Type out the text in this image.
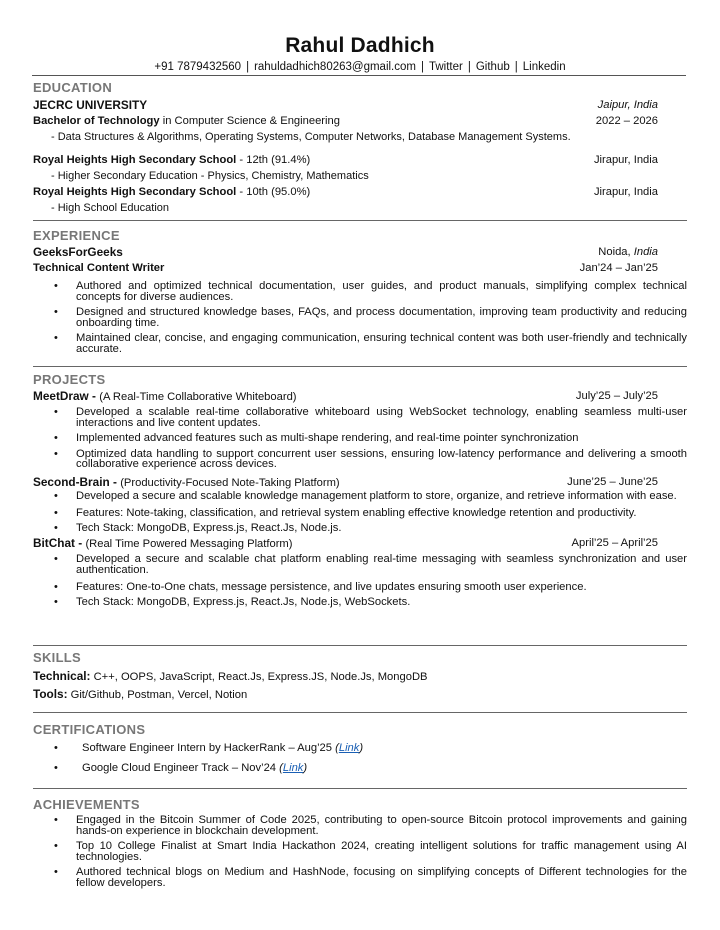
Rahul Dadhich
+91 7879432560 | rahuldadhich80263@gmail.com | Twitter | Github | Linkedin
EDUCATION
JECRC UNIVERSITY	Jaipur, India
Bachelor of Technology in Computer Science & Engineering	2022 – 2026
- Data Structures & Algorithms, Operating Systems, Computer Networks, Database Management Systems.
Royal Heights High Secondary School - 12th (91.4%)	Jirapur, India
- Higher Secondary Education - Physics, Chemistry, Mathematics
Royal Heights High Secondary School - 10th (95.0%)	Jirapur, India
- High School Education
EXPERIENCE
GeeksForGeeks	Noida, India
Technical Content Writer	Jan’24 – Jan’25
• Authored and optimized technical documentation, user guides, and product manuals, simplifying complex technical concepts for diverse audiences.
• Designed and structured knowledge bases, FAQs, and process documentation, improving team productivity and reducing onboarding time.
• Maintained clear, concise, and engaging communication, ensuring technical content was both user-friendly and technically accurate.
PROJECTS
MeetDraw - (A Real-Time Collaborative Whiteboard)	July’25 – July’25
• Developed a scalable real-time collaborative whiteboard using WebSocket technology, enabling seamless multi-user interactions and live content updates.
• Implemented advanced features such as multi-shape rendering, and real-time pointer synchronization
• Optimized data handling to support concurrent user sessions, ensuring low-latency performance and delivering a smooth collaborative experience across devices.
Second-Brain - (Productivity-Focused Note-Taking Platform)	June’25 – June’25
• Developed a secure and scalable knowledge management platform to store, organize, and retrieve information with ease.
• Features: Note-taking, classification, and retrieval system enabling effective knowledge retention and productivity.
• Tech Stack: MongoDB, Express.js, React.Js, Node.js.
BitChat - (Real Time Powered Messaging Platform)	April’25 – April’25
• Developed a secure and scalable chat platform enabling real-time messaging with seamless synchronization and user authentication.
• Features: One-to-One chats, message persistence, and live updates ensuring smooth user experience.
• Tech Stack: MongoDB, Express.js, React.Js, Node.js, WebSockets.
SKILLS
Technical: C++, OOPS, JavaScript, React.Js, Express.JS, Node.Js, MongoDB
Tools: Git/Github, Postman, Vercel, Notion
CERTIFICATIONS
• Software Engineer Intern by HackerRank – Aug’25 (Link)
• Google Cloud Engineer Track – Nov’24 (Link)
ACHIEVEMENTS
• Engaged in the Bitcoin Summer of Code 2025, contributing to open-source Bitcoin protocol improvements and gaining hands-on experience in blockchain development.
• Top 10 College Finalist at Smart India Hackathon 2024, creating intelligent solutions for traffic management using AI technologies.
• Authored technical blogs on Medium and HashNode, focusing on simplifying concepts of Different technologies for the fellow developers.
